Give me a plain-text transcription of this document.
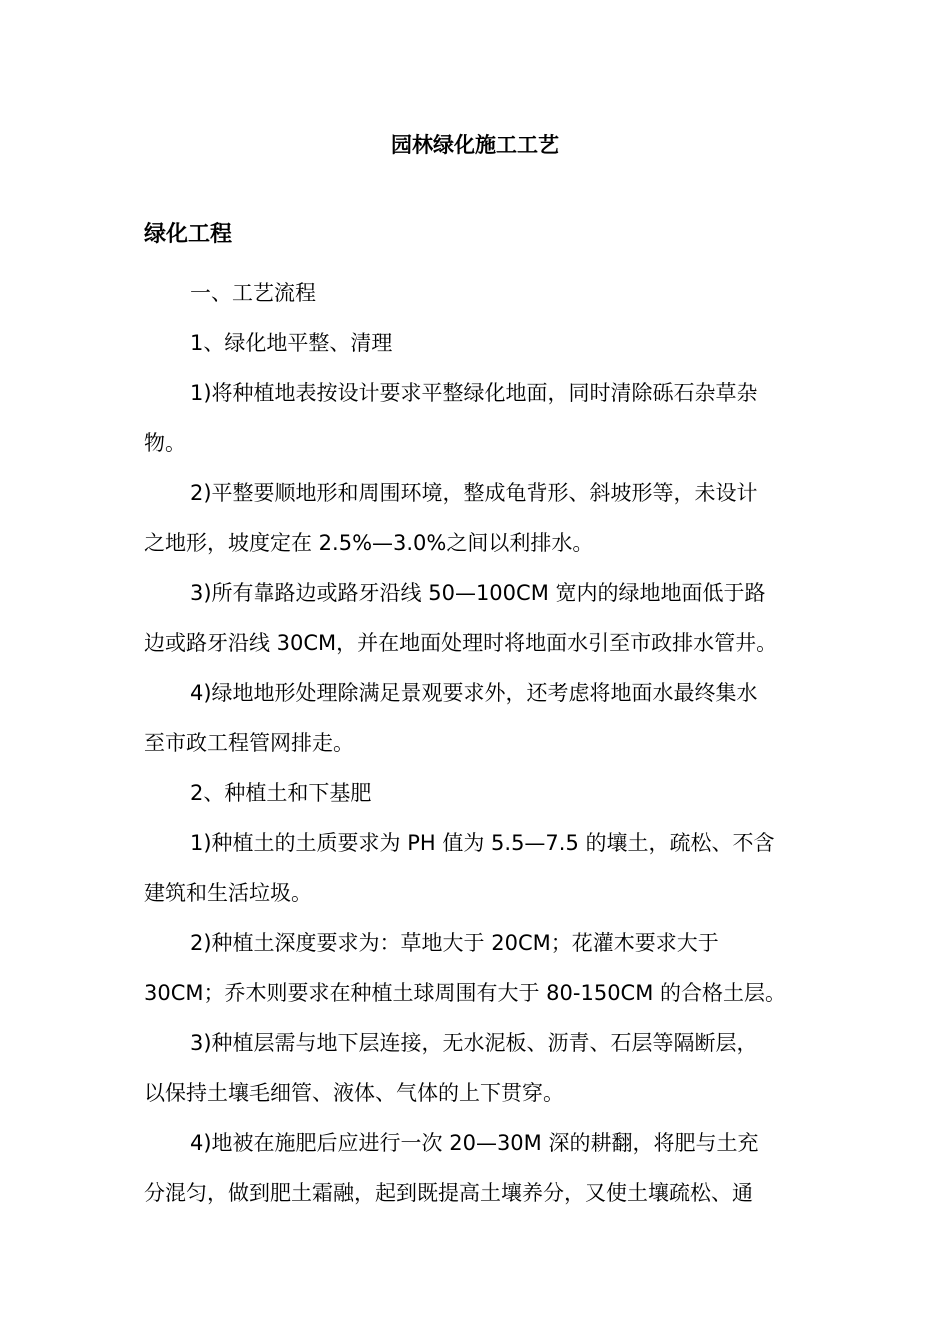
园林绿化施工工艺
绿化工程

一、工艺流程

1、绿化地平整、清理

1)将种植地表按设计要求平整绿化地面，同时清除砾石杂草杂
物。

2)平整要顺地形和周围环境，整成龟背形、斜坡形等，未设计
之地形，坡度定在 2.5%—3.0%之间以利排水。

3)所有靠路边或路牙沿线 50—100CM 宽内的绿地地面低于路
边或路牙沿线 30CM，并在地面处理时将地面水引至市政排水管井。

4)绿地地形处理除满足景观要求外，还考虑将地面水最终集水
至市政工程管网排走。

2、种植土和下基肥

1)种植土的土质要求为 PH 值为 5.5—7.5 的壤土，疏松、不含
建筑和生活垃圾。

2)种植土深度要求为：草地大于 20CM；花灌木要求大于
30CM；乔木则要求在种植土球周围有大于 80-150CM 的合格土层。

3)种植层需与地下层连接，无水泥板、沥青、石层等隔断层，
以保持土壤毛细管、液体、气体的上下贯穿。

4)地被在施肥后应进行一次 20—30M 深的耕翻，将肥与土充
分混匀，做到肥土霜融，起到既提高土壤养分，又使土壤疏松、通
